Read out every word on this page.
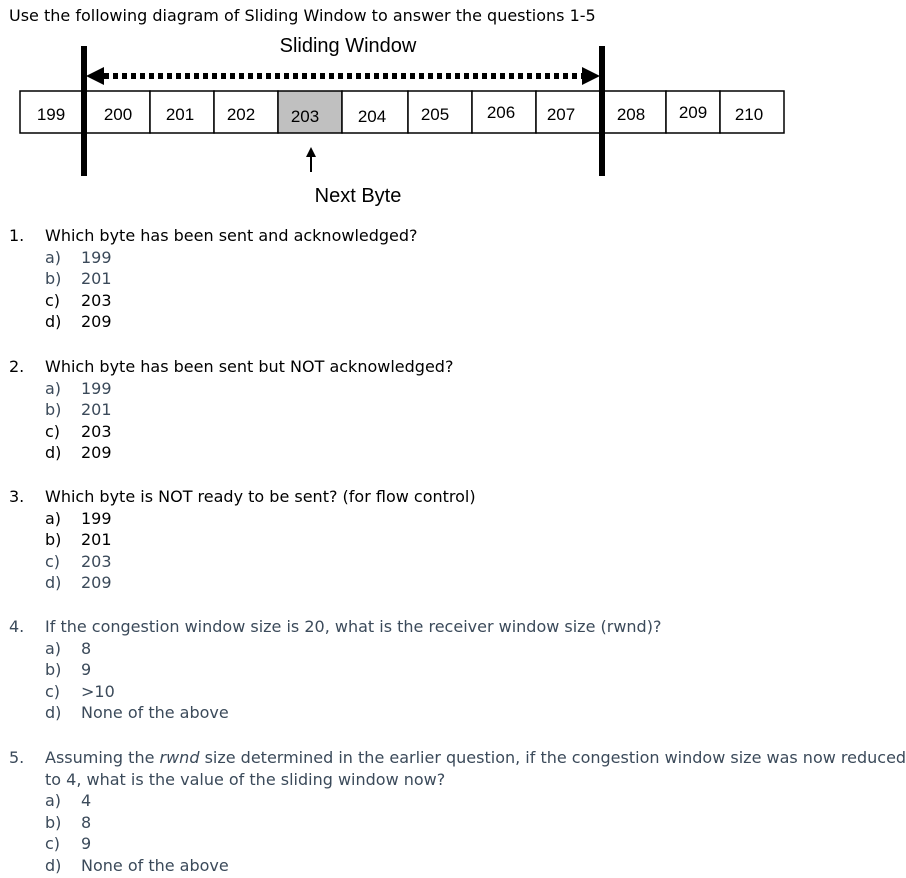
Use the following diagram of Sliding Window to answer the questions 1-5
Sliding Window
199 200 201 202 203 204 205 206 207 208 209 210
Next Byte
1. Which byte has been sent and acknowledged?
a) 199
b) 201
c) 203
d) 209
2. Which byte has been sent but NOT acknowledged?
a) 199
b) 201
c) 203
d) 209
3. Which byte is NOT ready to be sent? (for flow control)
a) 199
b) 201
c) 203
d) 209
4. If the congestion window size is 20, what is the receiver window size (rwnd)?
a) 8
b) 9
c) >10
d) None of the above
5. Assuming the rwnd size determined in the earlier question, if the congestion window size was now reduced
to 4, what is the value of the sliding window now?
a) 4
b) 8
c) 9
d) None of the above
